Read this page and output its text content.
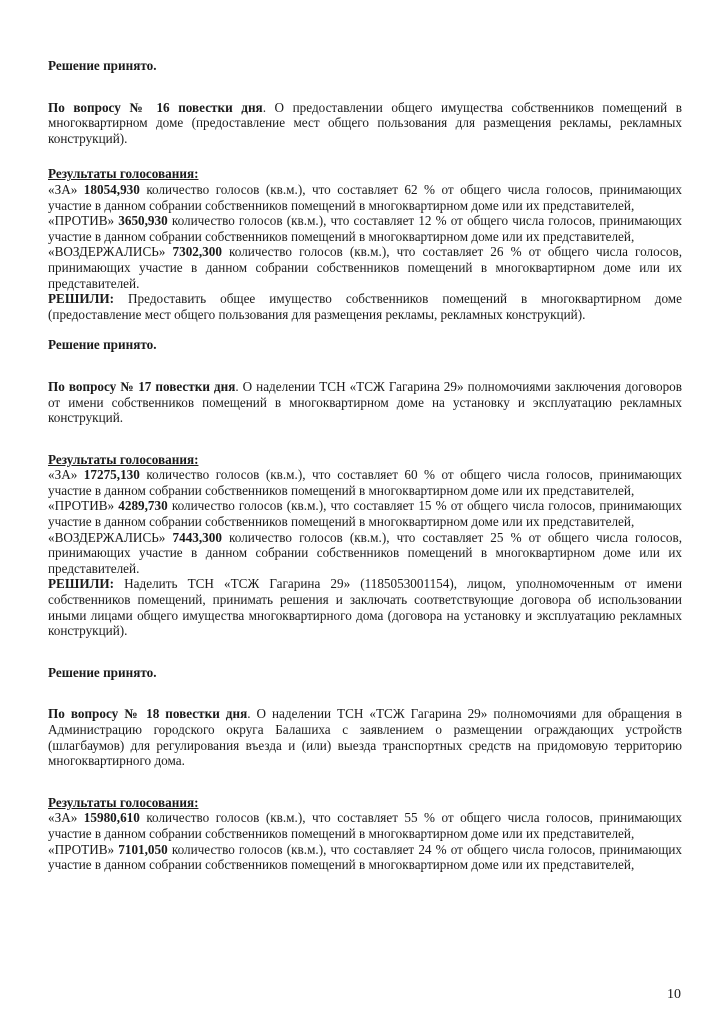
Решение принято.

По вопросу № 16 повестки дня. О предоставлении общего имущества собственников помещений в многоквартирном доме (предоставление мест общего пользования для размещения рекламы, рекламных конструкций).

Результаты голосования:

«ЗА» 18054,930 количество голосов (кв.м.), что составляет 62 % от общего числа голосов, принимающих участие в данном собрании собственников помещений в многоквартирном доме или их представителей,

«ПРОТИВ» 3650,930 количество голосов (кв.м.), что составляет 12 % от общего числа голосов, принимающих участие в данном собрании собственников помещений в многоквартирном доме или их представителей,

«ВОЗДЕРЖАЛИСЬ» 7302,300 количество голосов (кв.м.), что составляет 26 % от общего числа голосов, принимающих участие в данном собрании собственников помещений в многоквартирном доме или их представителей.

РЕШИЛИ: Предоставить общее имущество собственников помещений в многоквартирном доме (предоставление мест общего пользования для размещения рекламы, рекламных конструкций).

Решение принято.

По вопросу № 17 повестки дня. О наделении ТСН «ТСЖ Гагарина 29» полномочиями заключения договоров от имени собственников помещений в многоквартирном доме на установку и эксплуатацию рекламных конструкций.

Результаты голосования:

«ЗА» 17275,130 количество голосов (кв.м.), что составляет 60 % от общего числа голосов, принимающих участие в данном собрании собственников помещений в многоквартирном доме или их представителей,

«ПРОТИВ» 4289,730 количество голосов (кв.м.), что составляет 15 % от общего числа голосов, принимающих участие в данном собрании собственников помещений в многоквартирном доме или их представителей,

«ВОЗДЕРЖАЛИСЬ» 7443,300 количество голосов (кв.м.), что составляет 25 % от общего числа голосов, принимающих участие в данном собрании собственников помещений в многоквартирном доме или их представителей.

РЕШИЛИ: Наделить ТСН «ТСЖ Гагарина 29» (1185053001154), лицом, уполномоченным от имени собственников помещений, принимать решения и заключать соответствующие договора об использовании иными лицами общего имущества многоквартирного дома (договора на установку и эксплуатацию рекламных конструкций).

Решение принято.

По вопросу № 18 повестки дня. О наделении ТСН «ТСЖ Гагарина 29» полномочиями для обращения в Администрацию городского округа Балашиха с заявлением о размещении ограждающих устройств (шлагбаумов) для регулирования въезда и (или) выезда транспортных средств на придомовую территорию многоквартирного дома.

Результаты голосования:

«ЗА» 15980,610 количество голосов (кв.м.), что составляет 55 % от общего числа голосов, принимающих участие в данном собрании собственников помещений в многоквартирном доме или их представителей,

«ПРОТИВ» 7101,050 количество голосов (кв.м.), что составляет 24 % от общего числа голосов, принимающих участие в данном собрании собственников помещений в многоквартирном доме или их представителей,

10
